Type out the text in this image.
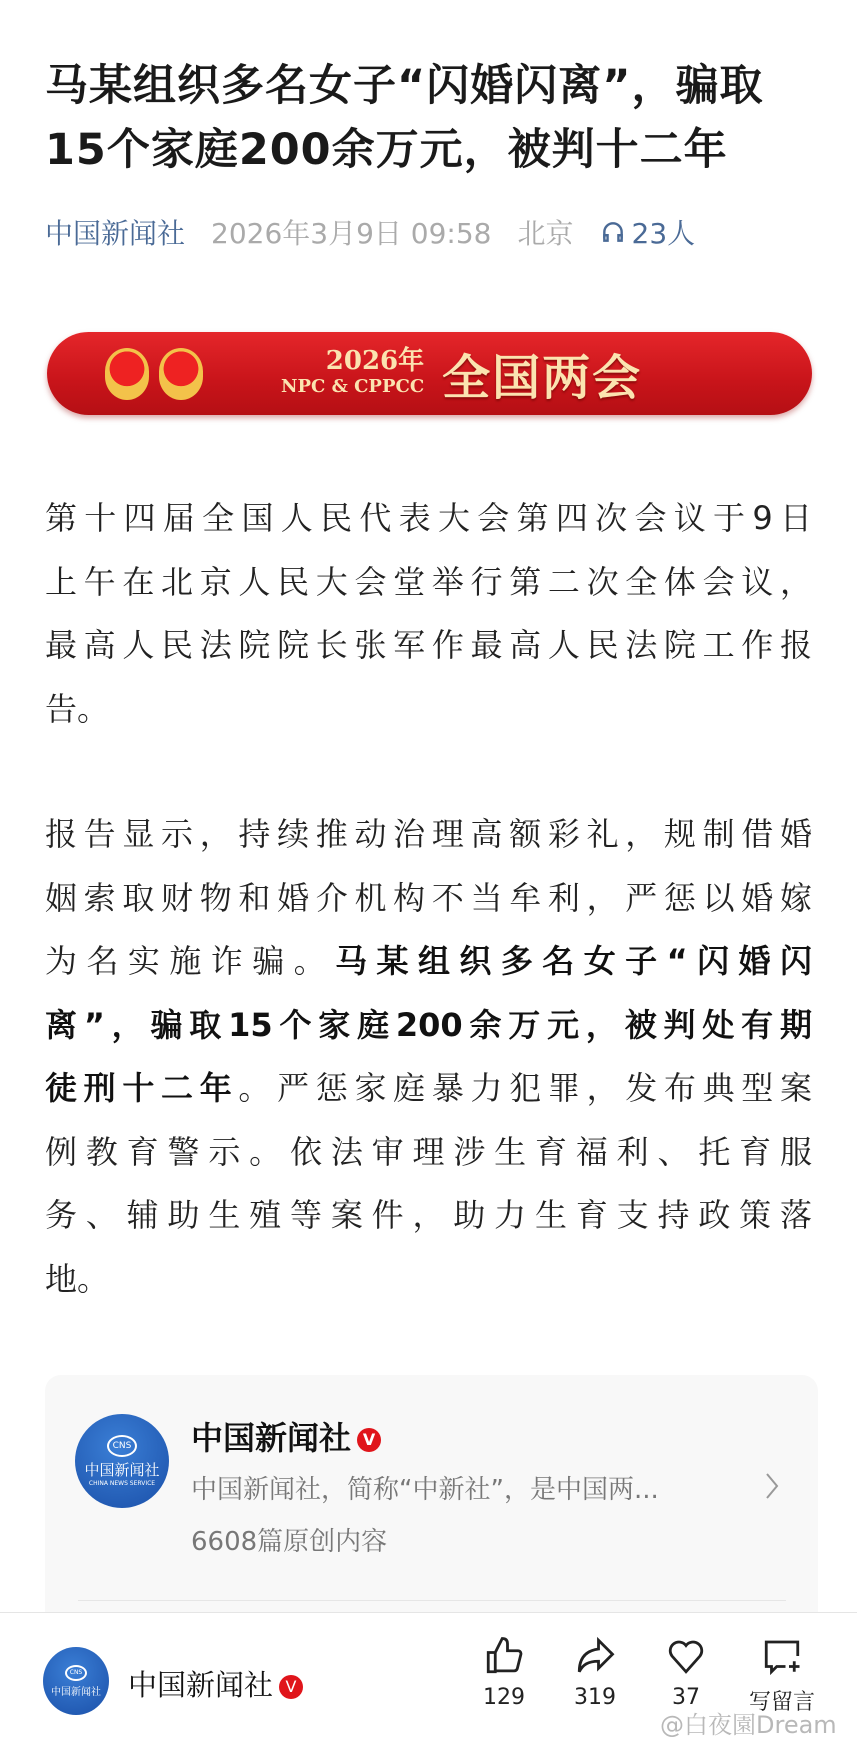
马某组织多名女子“闪婚闪离”，骗取15个家庭200余万元，被判十二年
中国新闻社 2026年3月9日 09:58 北京 23人
2026年
NPC & CPPCC 全国两会
第十四届全国人民代表大会第四次会议于9日
上午在北京人民大会堂举行第二次全体会议，
最高人民法院院长张军作最高人民法院工作报
告。
报告显示，持续推动治理高额彩礼，规制借婚
姻索取财物和婚介机构不当牟利，严惩以婚嫁
为名实施诈骗。马某组织多名女子“闪婚闪
离”，骗取15个家庭200余万元，被判处有期
徒刑十二年。严惩家庭暴力犯罪，发布典型案
例教育警示。依法审理涉生育福利、托育服
务、辅助生殖等案件，助力生育支持政策落
地。
CNS
中国新闻社
CHINA NEWS SERVICE
中国新闻社 V
中国新闻社，简称“中新社”，是中国两...
6608篇原创内容
CNS
中国新闻社 中国新闻社 V	129	319	37	写留言
@白夜園Dream
